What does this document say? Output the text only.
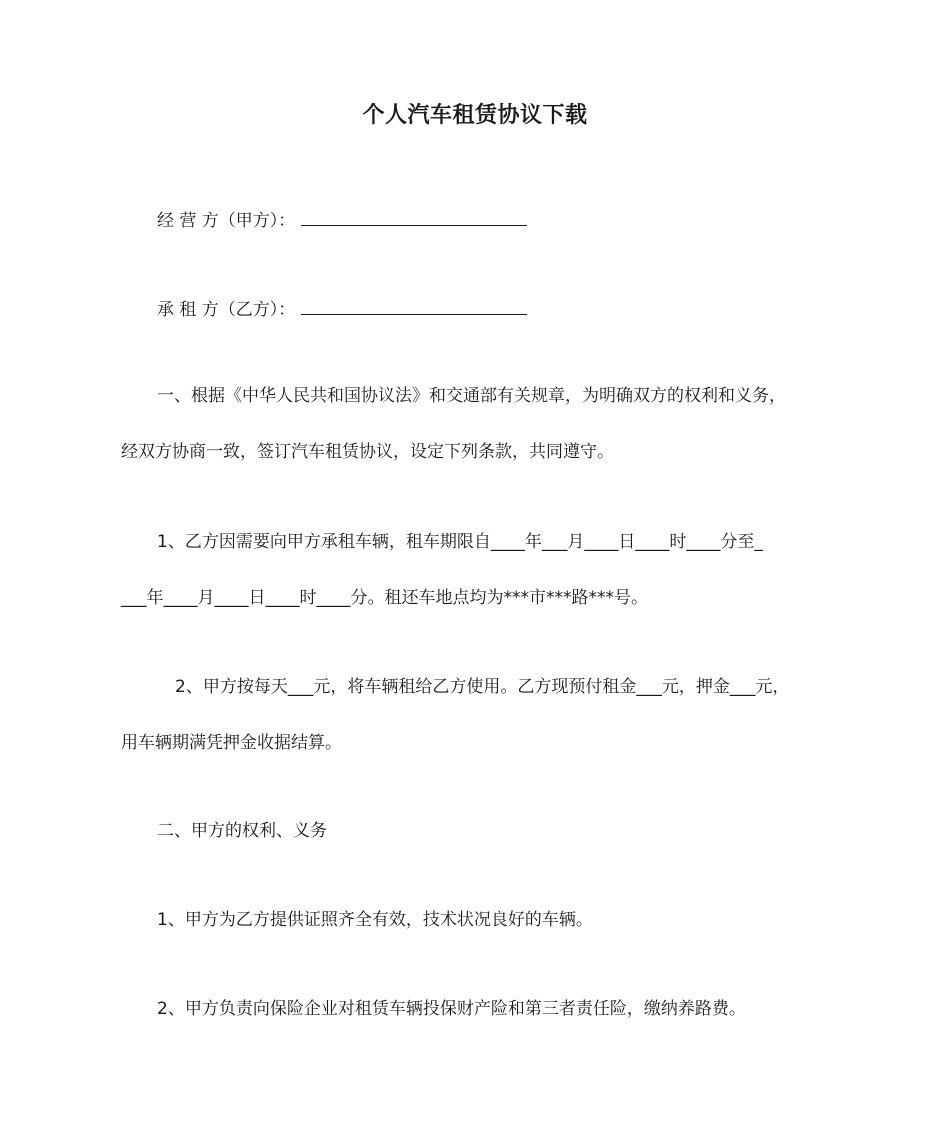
个人汽车租赁协议下载
经 营 方（甲方）：
承 租 方（乙方）：
一、根据《中华人民共和国协议法》和交通部有关规章，为明确双方的权利和义务，
经双方协商一致，签订汽车租赁协议，设定下列条款，共同遵守。
1、乙方因需要向甲方承租车辆，租车期限自____年___月____日____时____分至_
___年____月____日____时____分。租还车地点均为***市***路***号。
2、甲方按每天___元，将车辆租给乙方使用。乙方现预付租金___元，押金___元，
用车辆期满凭押金收据结算。
二、甲方的权利、义务
1、甲方为乙方提供证照齐全有效，技术状况良好的车辆。
2、甲方负责向保险企业对租赁车辆投保财产险和第三者责任险，缴纳养路费。
